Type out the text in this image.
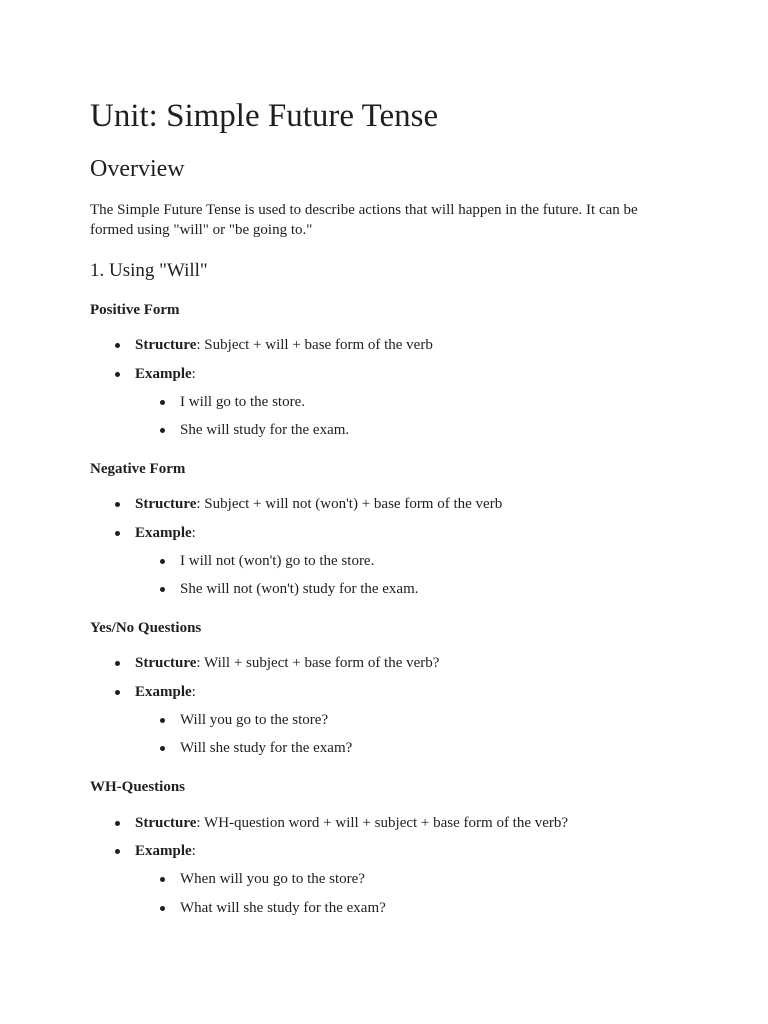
Unit: Simple Future Tense
Overview

The Simple Future Tense is used to describe actions that will happen in the future. It can be formed using "will" or "be going to."

1. Using "Will"
Positive Form
Structure: Subject + will + base form of the verb
Example:
I will go to the store.
She will study for the exam.
Negative Form
Structure: Subject + will not (won't) + base form of the verb
Example:
I will not (won't) go to the store.
She will not (won't) study for the exam.
Yes/No Questions
Structure: Will + subject + base form of the verb?
Example:
Will you go to the store?
Will she study for the exam?
WH-Questions
Structure: WH-question word + will + subject + base form of the verb?
Example:
When will you go to the store?
What will she study for the exam?
